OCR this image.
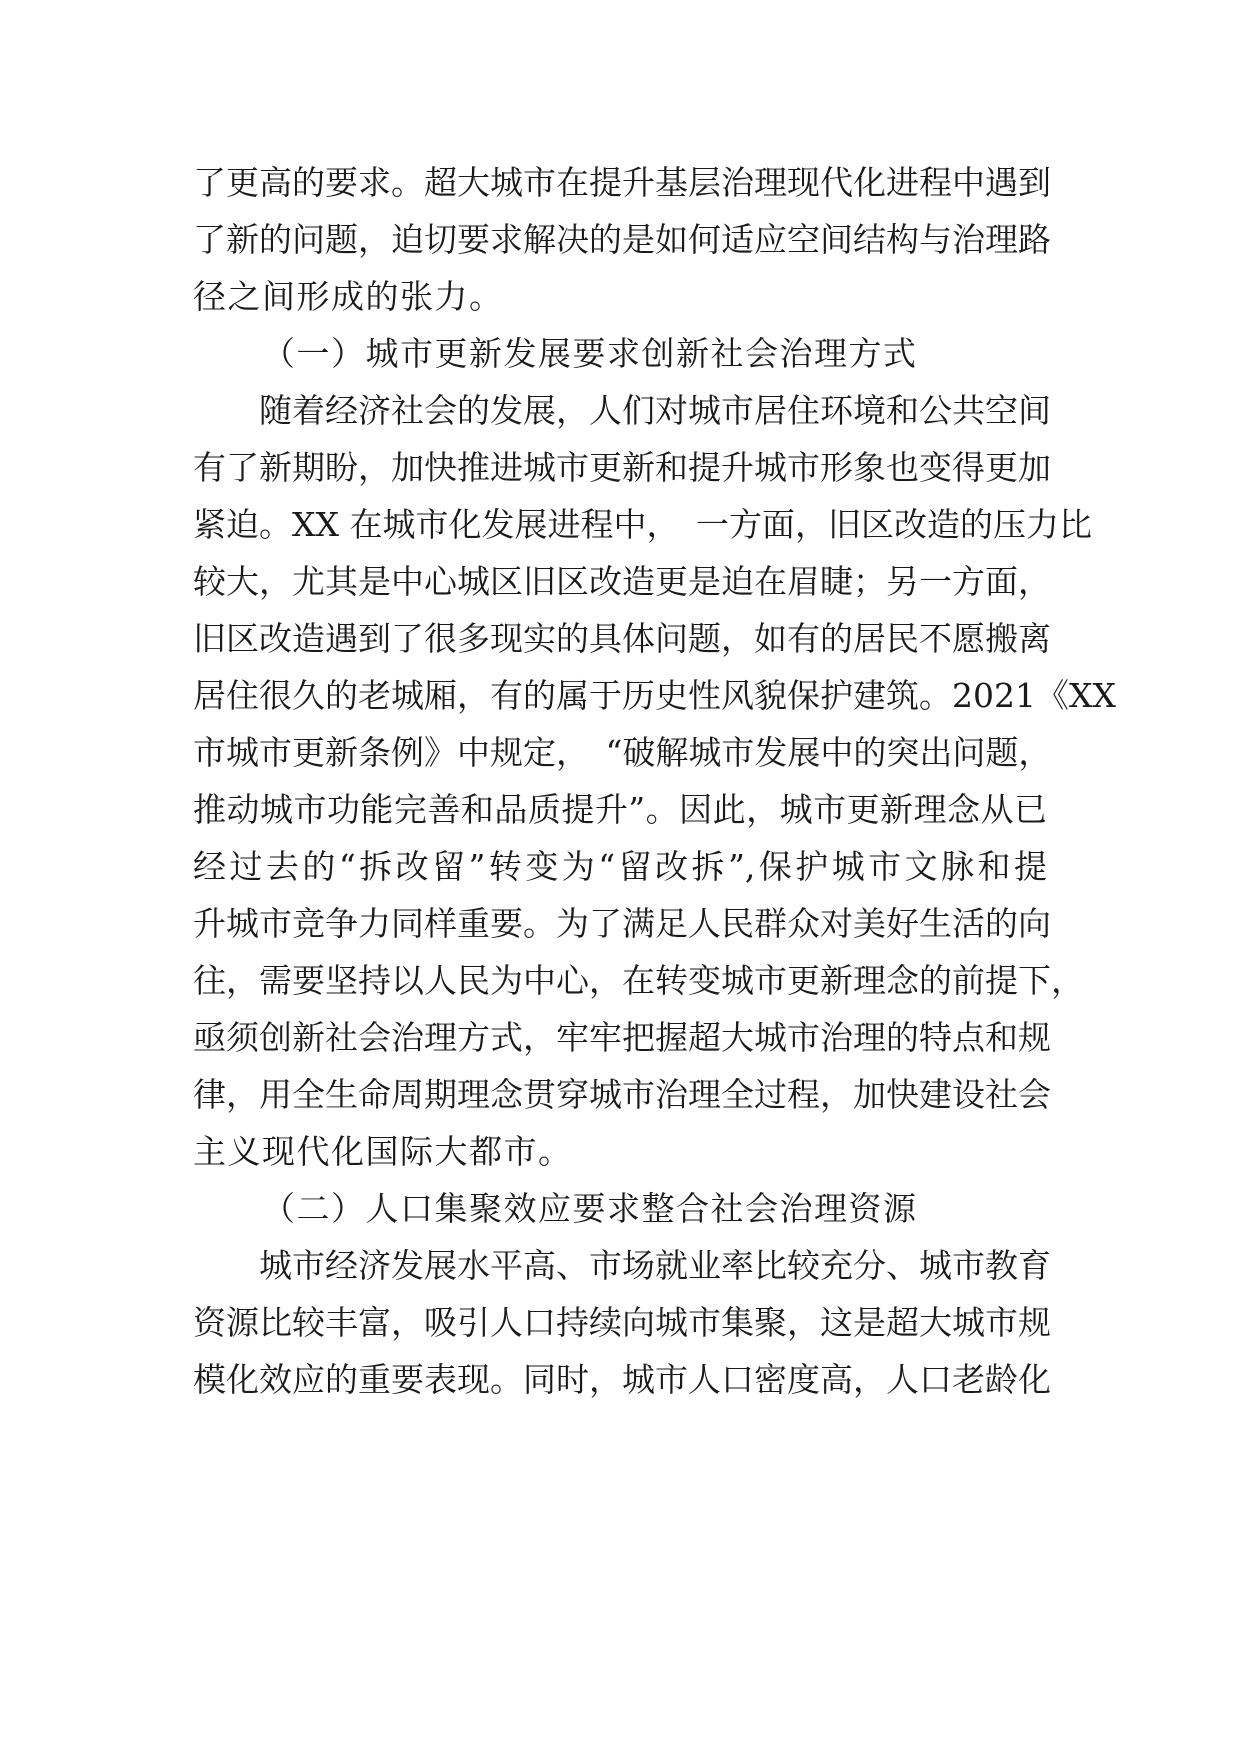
了更高的要求。超大城市在提升基层治理现代化进程中遇到
了新的问题，迫切要求解决的是如何适应空间结构与治理路
径之间形成的张力。
（一）城市更新发展要求创新社会治理方式
随着经济社会的发展，人们对城市居住环境和公共空间
有了新期盼，加快推进城市更新和提升城市形象也变得更加
紧迫。XX 在城市化发展进程中，　一方面，旧区改造的压力比
较大，尤其是中心城区旧区改造更是迫在眉睫；另一方面，
旧区改造遇到了很多现实的具体问题，如有的居民不愿搬离
居住很久的老城厢，有的属于历史性风貌保护建筑。2021《XX
市城市更新条例》中规定，　“破解城市发展中的突出问题，
推动城市功能完善和品质提升”。因此，城市更新理念从已
经过去的“拆改留”转变为“留改拆”,保护城市文脉和提
升城市竞争力同样重要。为了满足人民群众对美好生活的向
往，需要坚持以人民为中心，在转变城市更新理念的前提下，
亟须创新社会治理方式，牢牢把握超大城市治理的特点和规
律，用全生命周期理念贯穿城市治理全过程，加快建设社会
主义现代化国际大都市。
（二）人口集聚效应要求整合社会治理资源
城市经济发展水平高、市场就业率比较充分、城市教育
资源比较丰富，吸引人口持续向城市集聚，这是超大城市规
模化效应的重要表现。同时，城市人口密度高，人口老龄化
